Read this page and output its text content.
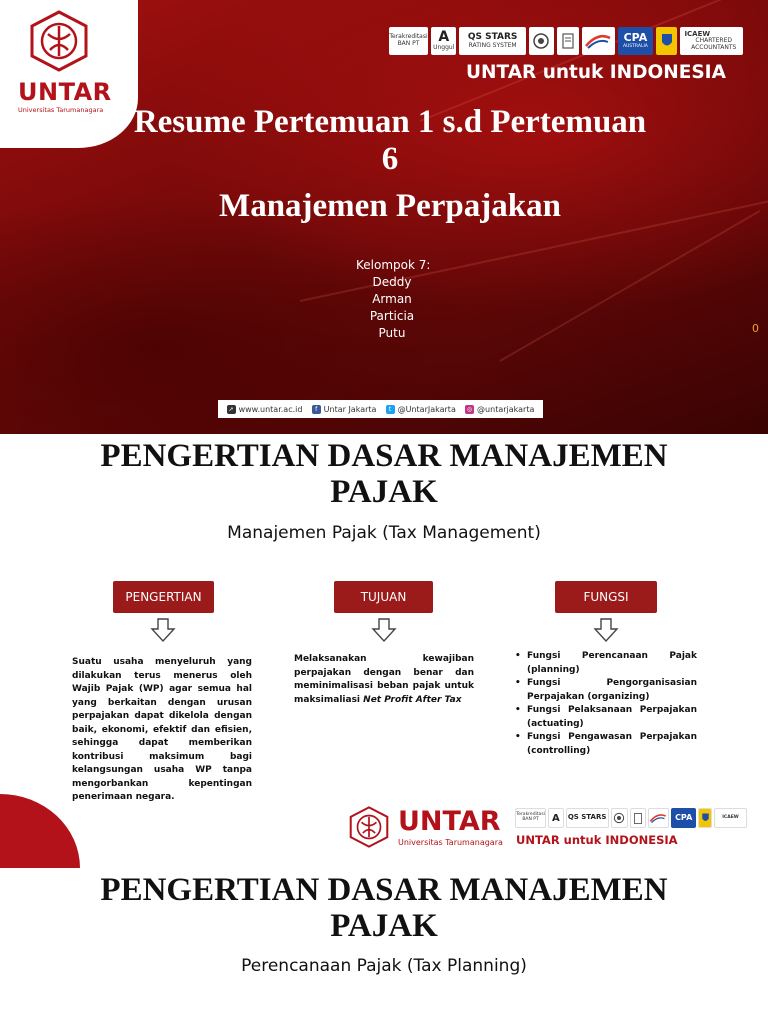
UNTAR
Universitas Tarumanagara
Terakreditasi BAN PT	A
Unggul
QS STARS
RATING SYSTEM
CPA
AUSTRALIA
ICAEW
CHARTERED ACCOUNTANTS
UNTAR untuk INDONESIA
Resume Pertemuan 1 s.d Pertemuan
6
Manajemen Perpajakan
Kelompok 7:
Deddy
Arman
Particia
Putu	0
➚ www.untar.ac.id	f Untar Jakarta	t @UntarJakarta	◎ @untarjakarta
PENGERTIAN DASAR MANAJEMEN
PAJAK
Manajemen Pajak (Tax Management)
PENGERTIAN
Suatu usaha menyeluruh yang dilakukan terus menerus oleh Wajib Pajak (WP) agar semua hal yang berkaitan dengan urusan perpajakan dapat dikelola dengan baik, ekonomi, efektif dan efisien, sehingga dapat memberikan kontribusi maksimum bagi kelangsungan usaha WP tanpa mengorbankan kepentingan penerimaan negara.
TUJUAN
Melaksanakan kewajiban perpajakan dengan benar dan meminimalisasi beban pajak untuk maksimaliasi Net Profit After Tax
FUNGSI
• Fungsi Perencanaan Pajak (planning)
• Fungsi Pengorganisasian Perpajakan (organizing)
• Fungsi Pelaksanaan Perpajakan (actuating)
• Fungsi Pengawasan Perpajakan (controlling)
UNTAR
Universitas Tarumanagara
Terakreditasi BAN PT	A QS STARS	CPA	ICAEW
UNTAR untuk INDONESIA
PENGERTIAN DASAR MANAJEMEN
PAJAK
Perencanaan Pajak (Tax Planning)
